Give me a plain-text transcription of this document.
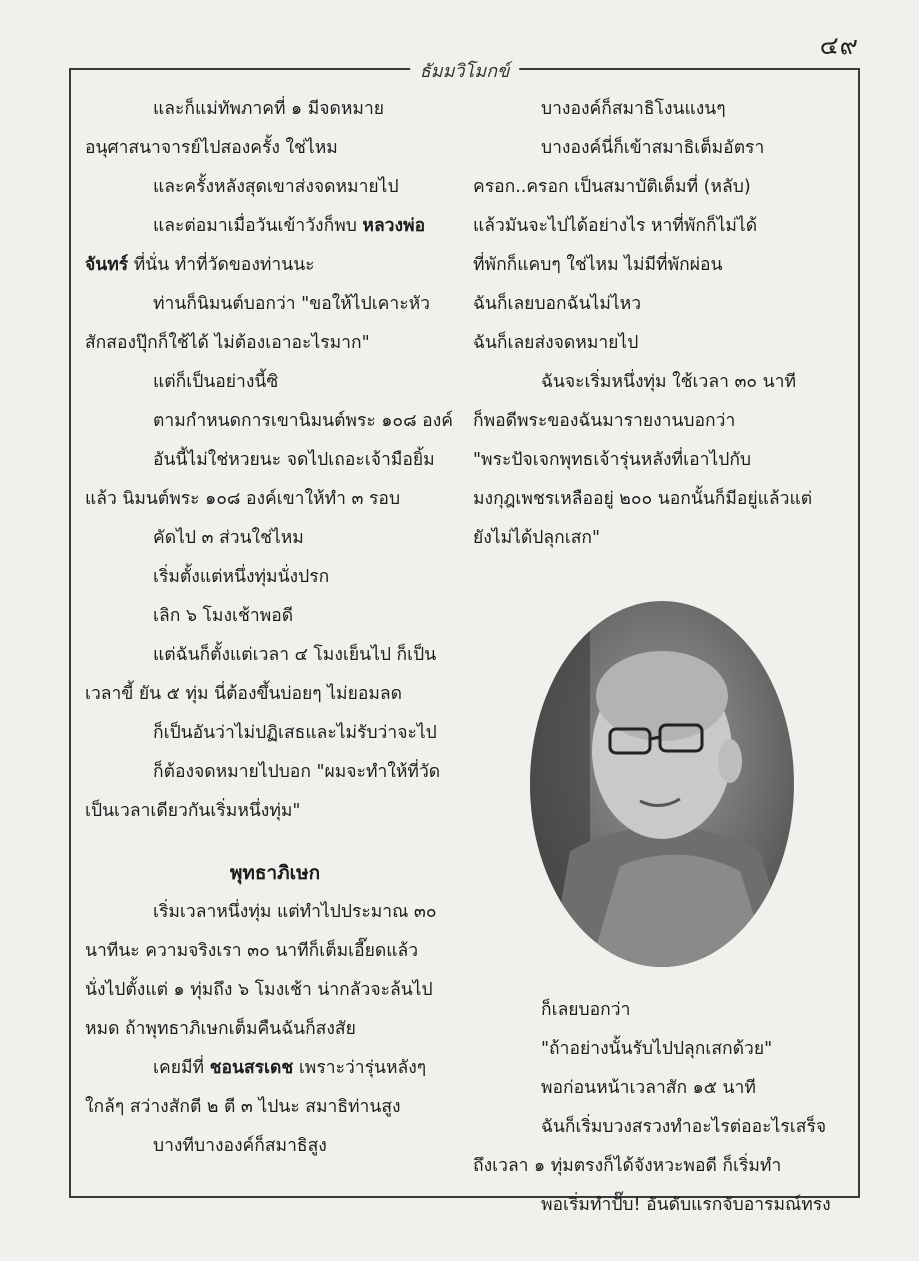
๔๙
ธัมมวิโมกข์

และก็แม่ทัพภาคที่ ๑ มีจดหมาย

อนุศาสนาจารย์ไปสองครั้ง ใช่ไหม

และครั้งหลังสุดเขาส่งจดหมายไป

และต่อมาเมื่อวันเข้าวังก็พบ หลวงพ่อ

จันทร์ ที่นั่น ทำที่วัดของท่านนะ

ท่านก็นิมนต์บอกว่า "ขอให้ไปเคาะหัว

สักสองปุ๊กก็ใช้ได้ ไม่ต้องเอาอะไรมาก"

แต่ก็เป็นอย่างนี้ซิ

ตามกำหนดการเขานิมนต์พระ ๑๐๘ องค์

อันนี้ไม่ใช่หวยนะ จดไปเถอะเจ้ามือยิ้ม

แล้ว นิมนต์พระ ๑๐๘ องค์เขาให้ทำ ๓ รอบ

คัดไป ๓ ส่วนใช่ไหม

เริ่มตั้งแต่หนึ่งทุ่มนั่งปรก

เลิก ๖ โมงเช้าพอดี

แต่ฉันก็ตั้งแต่เวลา ๔ โมงเย็นไป ก็เป็น

เวลาขี้ ยัน ๕ ทุ่ม นี่ต้องขึ้นบ่อยๆ ไม่ยอมลด

ก็เป็นอันว่าไม่ปฏิเสธและไม่รับว่าจะไป

ก็ต้องจดหมายไปบอก "ผมจะทำให้ที่วัด

เป็นเวลาเดียวกันเริ่มหนึ่งทุ่ม"

พุทธาภิเษก

เริ่มเวลาหนึ่งทุ่ม แต่ทำไปประมาณ ๓๐

นาทีนะ ความจริงเรา ๓๐ นาทีก็เต็มเอี๊ยดแล้ว

นั่งไปตั้งแต่ ๑ ทุ่มถึง ๖ โมงเช้า น่ากลัวจะล้นไป

หมด ถ้าพุทธาภิเษกเต็มคืนฉันก็สงสัย

เคยมีที่ ชอนสรเดช เพราะว่ารุ่นหลังๆ

ใกล้ๆ สว่างสักตี ๒ ตี ๓ ไปนะ สมาธิท่านสูง

บางทีบางองค์ก็สมาธิสูง

บางองค์ก็สมาธิโงนแงนๆ

บางองค์นี่ก็เข้าสมาธิเต็มอัตรา

ครอก..ครอก เป็นสมาบัติเต็มที่ (หลับ)

แล้วมันจะไปได้อย่างไร หาที่พักก็ไม่ได้

ที่พักก็แคบๆ ใช่ไหม ไม่มีที่พักผ่อน

ฉันก็เลยบอกฉันไม่ไหว

ฉันก็เลยส่งจดหมายไป

ฉันจะเริ่มหนึ่งทุ่ม ใช้เวลา ๓๐ นาที

ก็พอดีพระของฉันมารายงานบอกว่า

"พระปัจเจกพุทธเจ้ารุ่นหลังที่เอาไปกับ

มงกุฎเพชรเหลืออยู่ ๒๐๐ นอกนั้นก็มีอยู่แล้วแต่

ยังไม่ได้ปลุกเสก"

ก็เลยบอกว่า

"ถ้าอย่างนั้นรับไปปลุกเสกด้วย"

พอก่อนหน้าเวลาสัก ๑๕ นาที

ฉันก็เริ่มบวงสรวงทำอะไรต่ออะไรเสร็จ

ถึงเวลา ๑ ทุ่มตรงก็ได้จังหวะพอดี ก็เริ่มทำ

พอเริ่มทำปั๊บ! อันดับแรกจับอารมณ์ทรง
